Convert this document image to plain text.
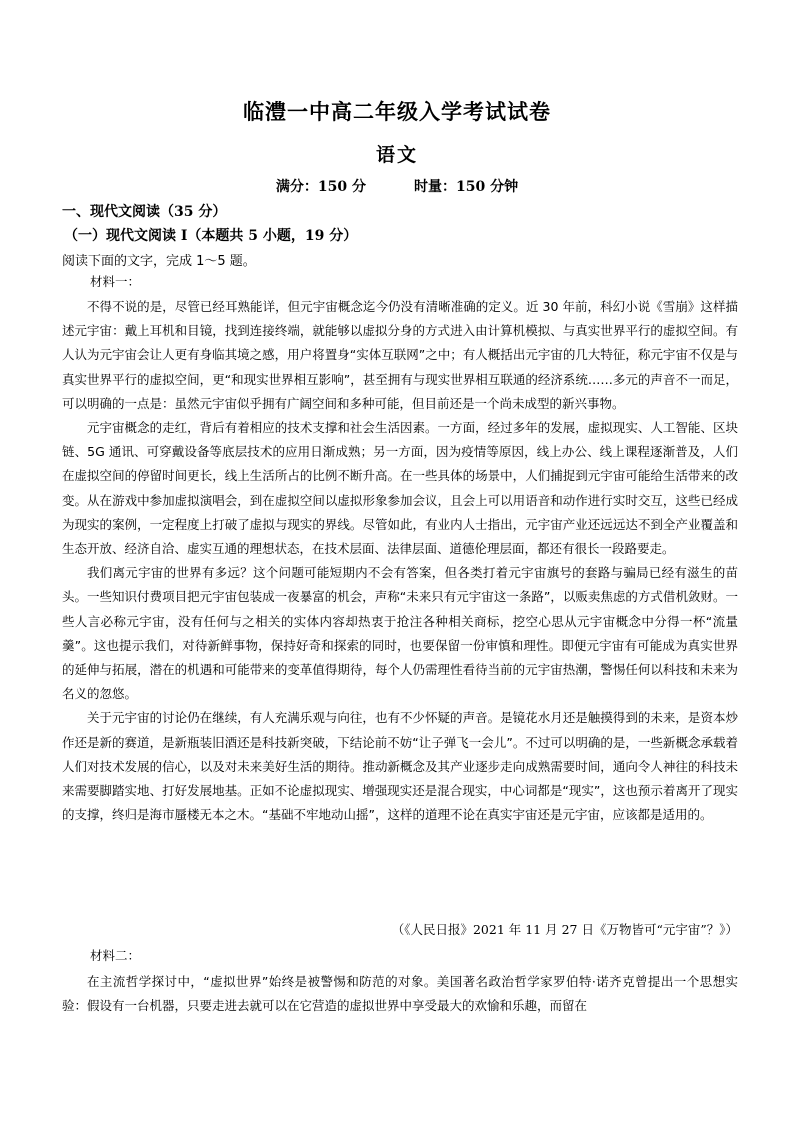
临澧一中高二年级入学考试试卷
语文
满分：150 分	时量：150 分钟
一、现代文阅读（35 分）
（一）现代文阅读 I（本题共 5 小题，19 分）
阅读下面的文字，完成 1～5 题。
材料一：

不得不说的是，尽管已经耳熟能详，但元宇宙概念迄今仍没有清晰准确的定义。近 30 年前，科幻小说《雪崩》这样描述元宇宙：戴上耳机和目镜，找到连接终端，就能够以虚拟分身的方式进入由计算机模拟、与真实世界平行的虚拟空间。有人认为元宇宙会让人更有身临其境之感，用户将置身“实体互联网”之中；有人概括出元宇宙的几大特征，称元宇宙不仅是与真实世界平行的虚拟空间，更“和现实世界相互影响”，甚至拥有与现实世界相互联通的经济系统……多元的声音不一而足，可以明确的一点是：虽然元宇宙似乎拥有广阔空间和多种可能，但目前还是一个尚未成型的新兴事物。

元宇宙概念的走红，背后有着相应的技术支撑和社会生活因素。一方面，经过多年的发展，虚拟现实、人工智能、区块链、5G 通讯、可穿戴设备等底层技术的应用日渐成熟；另一方面，因为疫情等原因，线上办公、线上课程逐渐普及，人们在虚拟空间的停留时间更长，线上生活所占的比例不断升高。在一些具体的场景中，人们捕捉到元宇宙可能给生活带来的改变。从在游戏中参加虚拟演唱会，到在虚拟空间以虚拟形象参加会议，且会上可以用语音和动作进行实时交互，这些已经成为现实的案例，一定程度上打破了虚拟与现实的界线。尽管如此，有业内人士指出，元宇宙产业还远远达不到全产业覆盖和生态开放、经济自洽、虚实互通的理想状态，在技术层面、法律层面、道德伦理层面，都还有很长一段路要走。

我们离元宇宙的世界有多远？这个问题可能短期内不会有答案，但各类打着元宇宙旗号的套路与骗局已经有滋生的苗头。一些知识付费项目把元宇宙包装成一夜暴富的机会，声称“未来只有元宇宙这一条路”，以贩卖焦虑的方式借机敛财。一些人言必称元宇宙，没有任何与之相关的实体内容却热衷于抢注各种相关商标，挖空心思从元宇宙概念中分得一杯“流量羹”。这也提示我们，对待新鲜事物，保持好奇和探索的同时，也要保留一份审慎和理性。即便元宇宙有可能成为真实世界的延伸与拓展，潜在的机遇和可能带来的变革值得期待，每个人仍需理性看待当前的元宇宙热潮，警惕任何以科技和未来为名义的忽悠。

关于元宇宙的讨论仍在继续，有人充满乐观与向往，也有不少怀疑的声音。是镜花水月还是触摸得到的未来，是资本炒作还是新的赛道，是新瓶装旧酒还是科技新突破，下结论前不妨“让子弹飞一会儿”。不过可以明确的是，一些新概念承载着人们对技术发展的信心，以及对未来美好生活的期待。推动新概念及其产业逐步走向成熟需要时间，通向令人神往的科技未来需要脚踏实地、打好发展地基。正如不论虚拟现实、增强现实还是混合现实，中心词都是“现实”，这也预示着离开了现实的支撑，终归是海市蜃楼无本之木。“基础不牢地动山摇”，这样的道理不论在真实宇宙还是元宇宙，应该都是适用的。

（《人民日报》2021 年 11 月 27 日《万物皆可“元宇宙”？》）
材料二：

在主流哲学探讨中，“虚拟世界”始终是被警惕和防范的对象。美国著名政治哲学家罗伯特·诺齐克曾提出一个思想实验：假设有一台机器，只要走进去就可以在它营造的虚拟世界中享受最大的欢愉和乐趣，而留在
